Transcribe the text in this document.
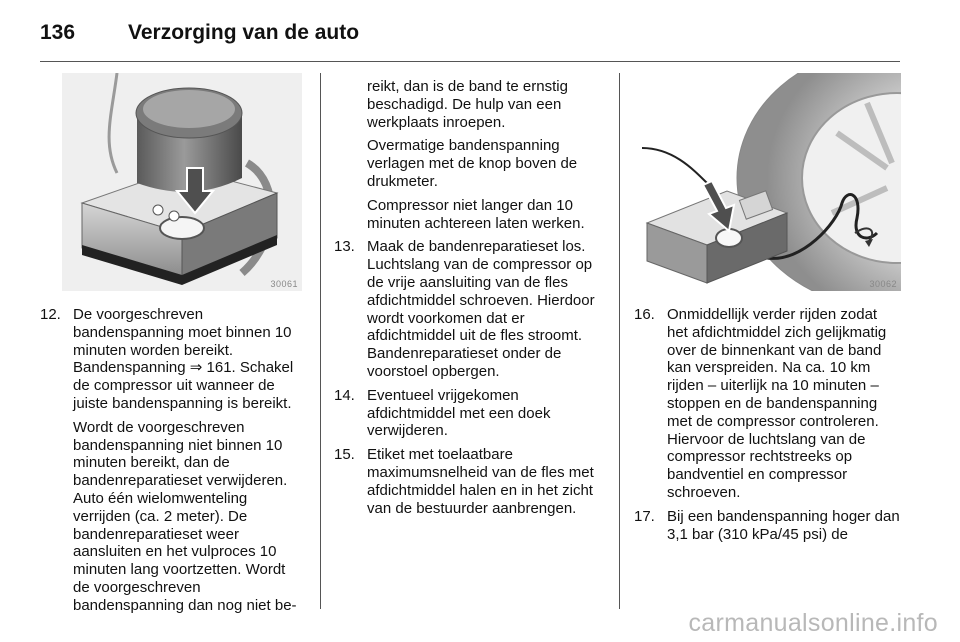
136	Verzorging van de auto
30061	30062
12. De voorgeschreven bandenspanning moet binnen 10 minuten worden bereikt. Bandenspanning ⇒ 161. Schakel de compressor uit wanneer de juiste bandenspanning is bereikt.

Wordt de voorgeschreven bandenspanning niet binnen 10 minuten bereikt, dan de bandenreparatieset verwijderen. Auto één wielomwenteling verrijden (ca. 2 meter). De bandenreparatieset weer aansluiten en het vulproces 10 minuten lang voortzetten. Wordt de voorgeschreven bandenspanning dan nog niet be-

reikt, dan is de band te ernstig beschadigd. De hulp van een werkplaats inroepen.

Overmatige bandenspanning verlagen met de knop boven de drukmeter.

Compressor niet langer dan 10 minuten achtereen laten werken.

13. Maak de bandenreparatieset los. Luchtslang van de compressor op de vrije aansluiting van de fles afdichtmiddel schroeven. Hierdoor wordt voorkomen dat er afdichtmiddel uit de fles stroomt. Bandenreparatieset onder de voorstoel opbergen.
14. Eventueel vrijgekomen afdichtmiddel met een doek verwijderen.
15. Etiket met toelaatbare maximumsnelheid van de fles met afdichtmiddel halen en in het zicht van de bestuurder aanbrengen.
16. Onmiddellijk verder rijden zodat het afdichtmiddel zich gelijkmatig over de binnenkant van de band kan verspreiden. Na ca. 10 km rijden – uiterlijk na 10 minuten – stoppen en de bandenspanning met de compressor controleren. Hiervoor de luchtslang van de compressor rechtstreeks op bandventiel en compressor schroeven.
17. Bij een bandenspanning hoger dan 3,1 bar (310 kPa/45 psi) de
carmanualsonline.info
